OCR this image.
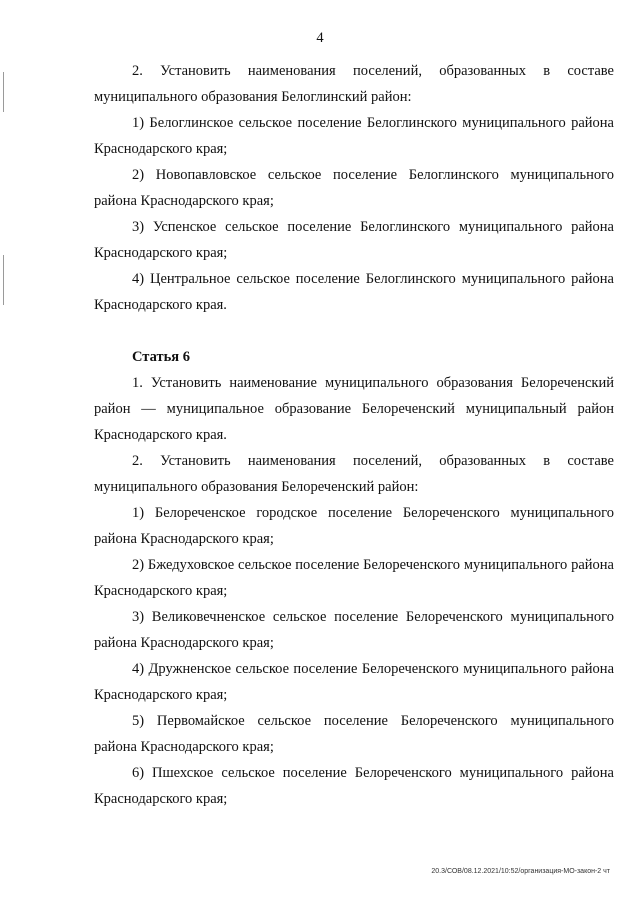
4

2. Установить наименования поселений, образованных в составе муниципального образования Белоглинский район:

1) Белоглинское сельское поселение Белоглинского муниципального района Краснодарского края;

2) Новопавловское сельское поселение Белоглинского муниципального района Краснодарского края;

3) Успенское сельское поселение Белоглинского муниципального района Краснодарского края;

4) Центральное сельское поселение Белоглинского муниципального района Краснодарского края.

Статья 6

1. Установить наименование муниципального образования Белореченский район — муниципальное образование Белореченский муниципальный район Краснодарского края.

2. Установить наименования поселений, образованных в составе муниципального образования Белореченский район:

1) Белореченское городское поселение Белореченского муниципального района Краснодарского края;

2) Бжедуховское сельское поселение Белореченского муниципального района Краснодарского края;

3) Великовечненское сельское поселение Белореченского муниципального района Краснодарского края;

4) Дружненское сельское поселение Белореченского муниципального района Краснодарского края;

5) Первомайское сельское поселение Белореченского муниципального района Краснодарского края;

6) Пшехское сельское поселение Белореченского муниципального района Краснодарского края;

20.3/СОВ/08.12.2021/10:52/организация-МО-закон-2 чт
